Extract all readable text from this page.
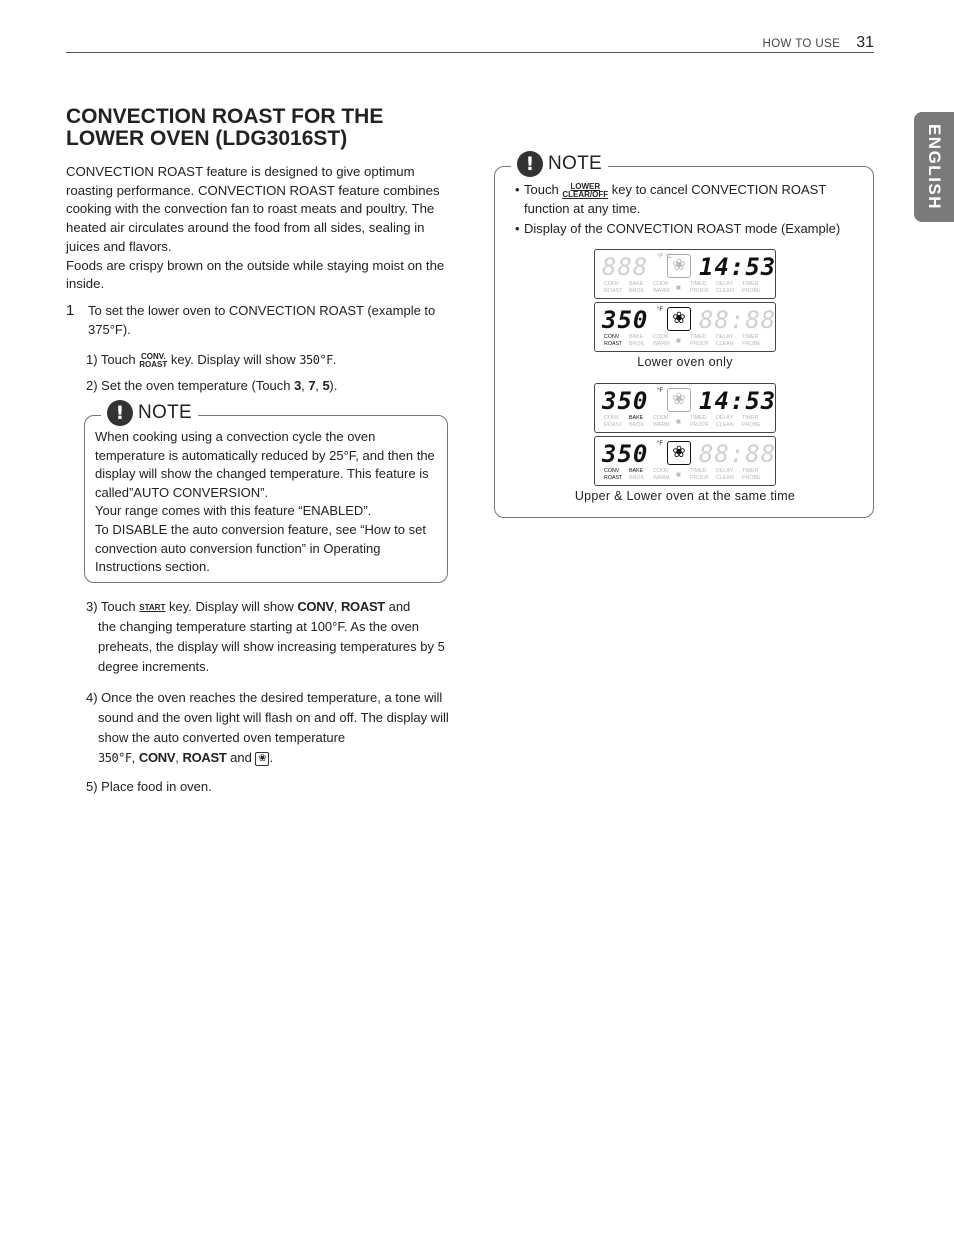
HOW TO USE 31
ENGLISH
CONVECTION ROAST FOR THE LOWER OVEN (LDG3016ST)

CONVECTION ROAST feature is designed to give optimum roasting performance. CONVECTION ROAST feature combines cooking with the convection fan to roast meats and poultry. The heated air circulates around the food from all sides, sealing in juices and flavors.

Foods are crispy brown on the outside while staying moist on the inside.

1 To set the lower oven to CONVECTION ROAST (example to 375°F).
1) Touch CONV.
ROAST key. Display will show 350°F.
2) Set the oven temperature (Touch 3, 7, 5).
! NOTE

When cooking using a convection cycle the oven temperature is automatically reduced by 25°F, and then the display will show the changed temperature. This feature is called”AUTO CONVERSION”.

Your range comes with this feature “ENABLED”.

To DISABLE the auto conversion feature, see “How to set convection auto conversion function” in Operating Instructions section.

3) Touch START key. Display will show CONV, ROAST and
the changing temperature starting at 100°F. As the oven preheats, the display will show increasing temperatures by 5 degree increments.
4) Once the oven reaches the desired temperature, a tone will sound and the oven light will flash on and off. The display will show the auto converted oven temperature
350°F, CONV, ROAST and ❀ .
5) Place food in oven.
! NOTE
• Touch LOWER
CLEAR/OFF key to cancel CONVECTION ROAST function at any time.
• Display of the CONVECTION ROAST mode (Example)
888 °F °C ❀ 14:53
CONV
ROAST
BAKE
BROIL
COOK
WARM
TIMED
PROOF
DELAY
CLEAN
TIMER
PROBE
■
350 °F ❀ 88:88
CONV
ROAST
BAKE
BROIL
COOK
WARM
TIMED
PROOF
DELAY
CLEAN
TIMER
PROBE
■
Lower oven only
350 °F ❀ 14:53
CONV
ROAST
BAKE
BROIL
COOK
WARM
TIMED
PROOF
DELAY
CLEAN
TIMER
PROBE
■
350 °F ❀ 88:88
CONV
ROAST
BAKE
BROIL
COOK
WARM
TIMED
PROOF
DELAY
CLEAN
TIMER
PROBE
■
Upper & Lower oven at the same time
